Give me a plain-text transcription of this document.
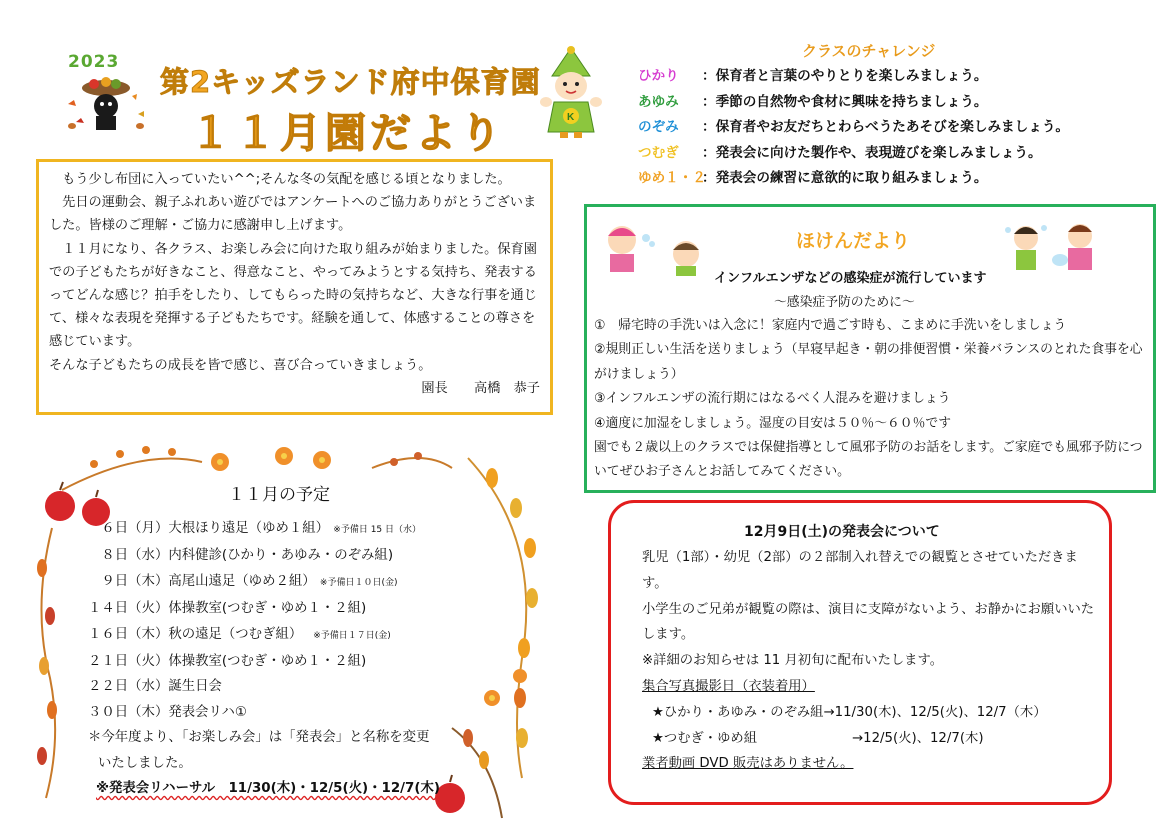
2023
第2キッズランド府中保育園
１１月園だより	K
クラスのチャレンジ
ひかり ：保育者と言葉のやりとりを楽しみましょう。
あゆみ ：季節の自然物や食材に興味を持ちましょう。
のぞみ ：保育者やお友だちとわらべうたあそびを楽しみましょう。
つむぎ ：発表会に向けた製作や、表現遊びを楽しみましょう。
ゆめ１・２：発表会の練習に意欲的に取り組みましょう。

　もう少し布団に入っていたい^^;そんな冬の気配を感じる頃となりました。

　先日の運動会、親子ふれあい遊びではアンケートへのご協力ありがとうございました。皆様のご理解・ご協力に感謝申し上げます。

　１１月になり、各クラス、お楽しみ会に向けた取り組みが始まりました。保育園での子どもたちが好きなこと、得意なこと、やってみようとする気持ち、発表するってどんな感じ？拍手をしたり、してもらった時の気持ちなど、大きな行事を通じて、様々な表現を発揮する子どもたちです。経験を通して、体感することの尊さを感じています。

そんな子どもたちの成長を皆で感じ、喜び合っていきましょう。

園長　　高橋　恭子

ほけんだより
インフルエンザなどの感染症が流行しています
～感染症予防のために～

①　帰宅時の手洗いは入念に！家庭内で過ごす時も、こまめに手洗いをしましょう

②規則正しい生活を送りましょう（早寝早起き・朝の排便習慣・栄養バランスのとれた食事を心がけましょう）

③インフルエンザの流行期にはなるべく人混みを避けましょう

④適度に加湿をしましょう。湿度の目安は５０％～６０％です

園でも２歳以上のクラスでは保健指導として風邪予防のお話をします。ご家庭でも風邪予防についてぜひお子さんとお話してみてください。

１１月の予定

　６日（月）大根ほり遠足（ゆめ１組） ※予備日 15 日（水）

　８日（水）内科健診(ひかり・あゆみ・のぞみ組)

　９日（木）高尾山遠足（ゆめ２組） ※予備日１０日(金)

１４日（火）体操教室(つむぎ・ゆめ１・２組)

１６日（木）秋の遠足（つむぎ組）　 ※予備日１７日(金)

２１日（火）体操教室(つむぎ・ゆめ１・２組)

２２日（水）誕生日会

３０日（木）発表会リハ①

＊今年度より、「お楽しみ会」は「発表会」と名称を変更

いたしました。

※発表会リハーサル　11/30(木)・12/5(火)・12/7(木)

12月9日(土)の発表会について

乳児（1部）・幼児（2部）の２部制入れ替えでの観覧とさせていただきます。

小学生のご兄弟が観覧の際は、演目に支障がないよう、お静かにお願いいたします。

※詳細のお知らせは 11 月初旬に配布いたします。

集合写真撮影日（衣装着用）

★ひかり・あゆみ・のぞみ組→11/30(木)、12/5(火)、12/7（木）

★つむぎ・ゆめ組	→12/5(火)、12/7(木)

業者動画 DVD 販売はありません。
